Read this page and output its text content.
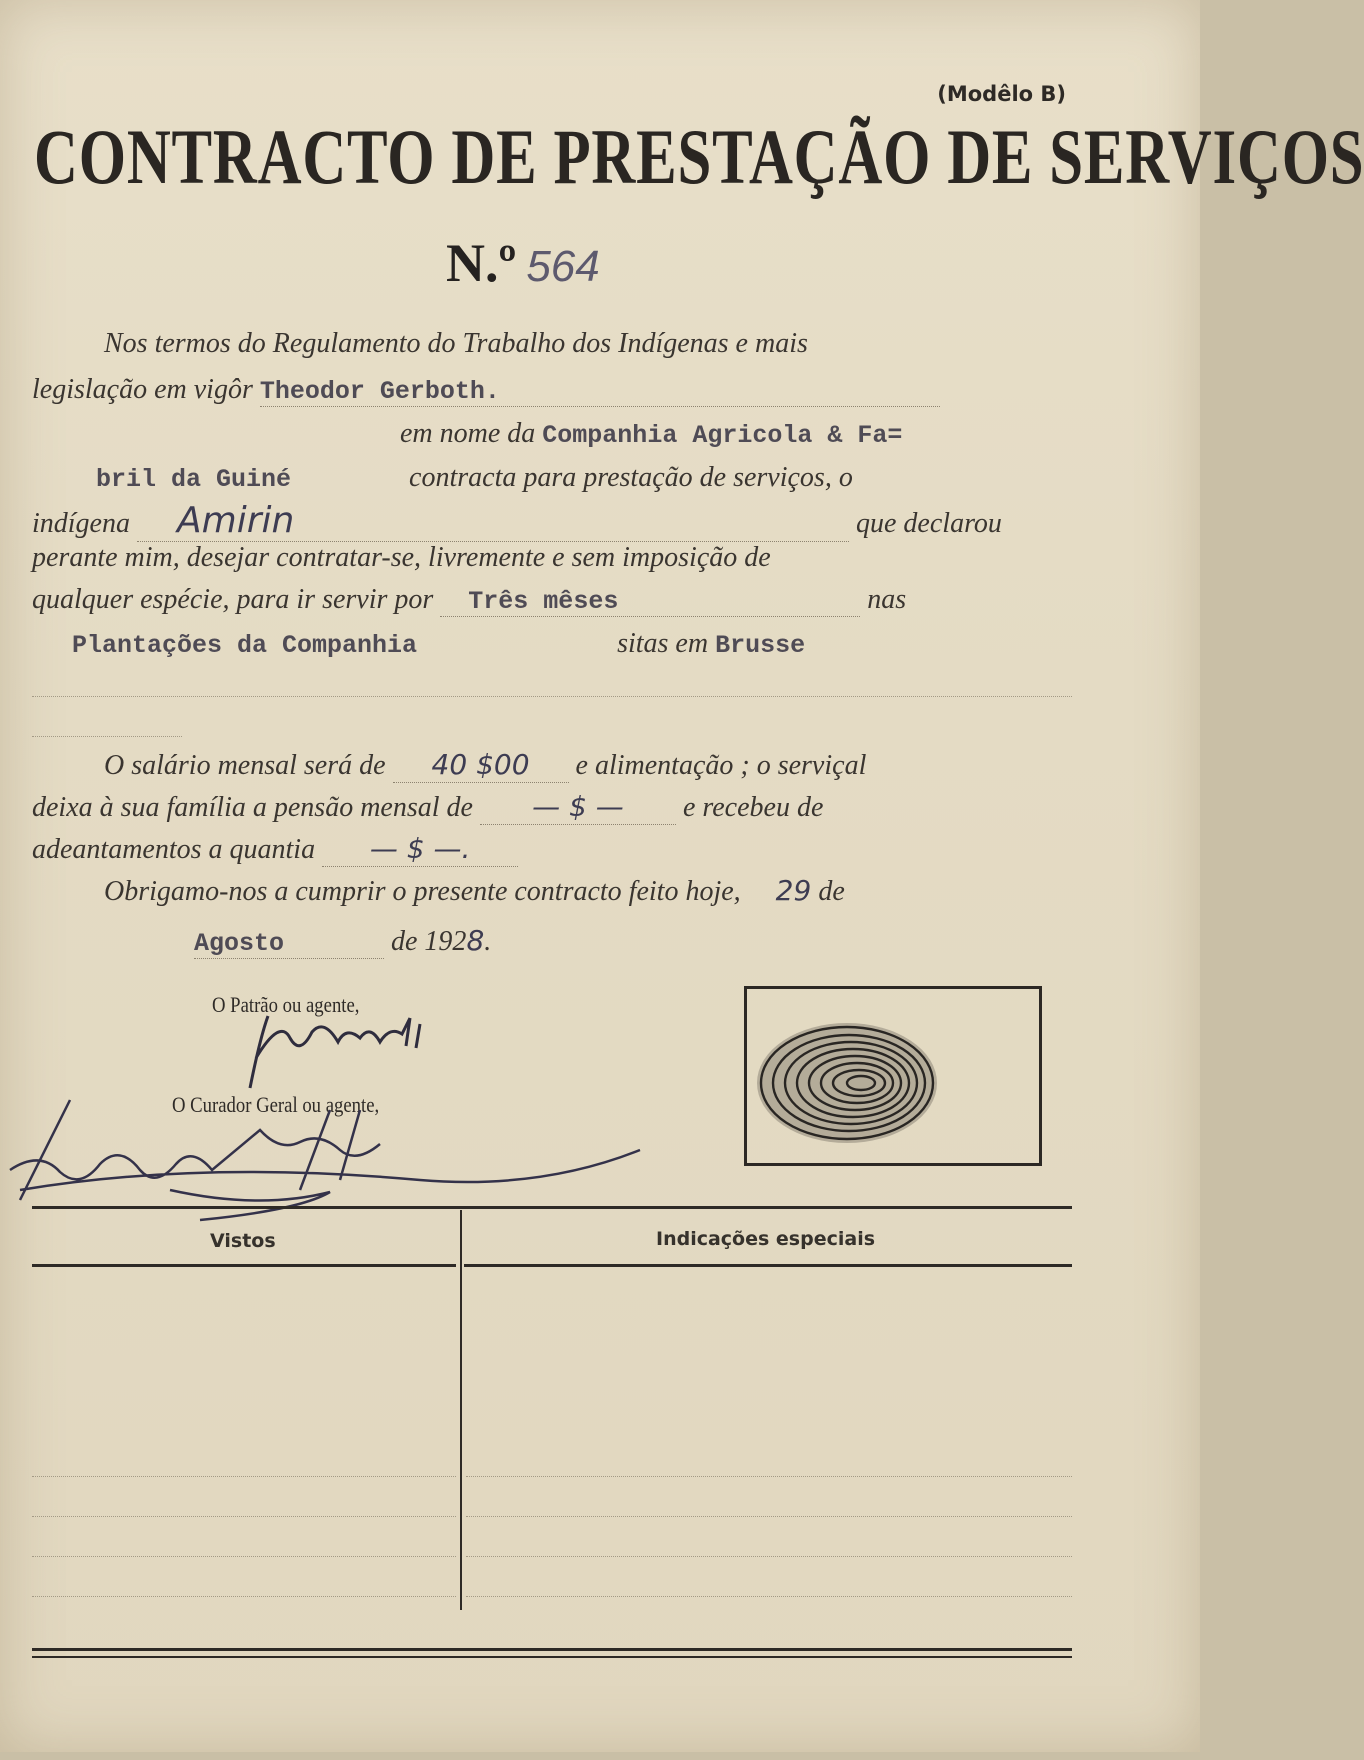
(Modêlo B)
CONTRACTO DE PRESTAÇÃO DE SERVIÇOS
N.º 564
Nos termos do Regulamento do Trabalho dos Indígenas e mais
legislação em vigôr Theodor Gerboth.
em nome da Companhia Agricola & Fa=
bril da Guiné	contracta para prestação de serviços, o
indígena Amirin	que declarou
perante mim, desejar contratar-se, livremente e sem imposição de
qualquer espécie, para ir servir por Três mêses	nas
Plantações da Companhia	sitas em Brusse
O salário mensal será de 40 $00 e alimentação ; o serviçal
deixa à sua família a pensão mensal de — $ — e recebeu de
adeantamentos a quantia — $ —.
Obrigamo-nos a cumprir o presente contracto feito hoje, 29 de
Agosto	de 1928.
O Patrão ou agente,
O Curador Geral ou agente,
Vistos	Indicações especiais
